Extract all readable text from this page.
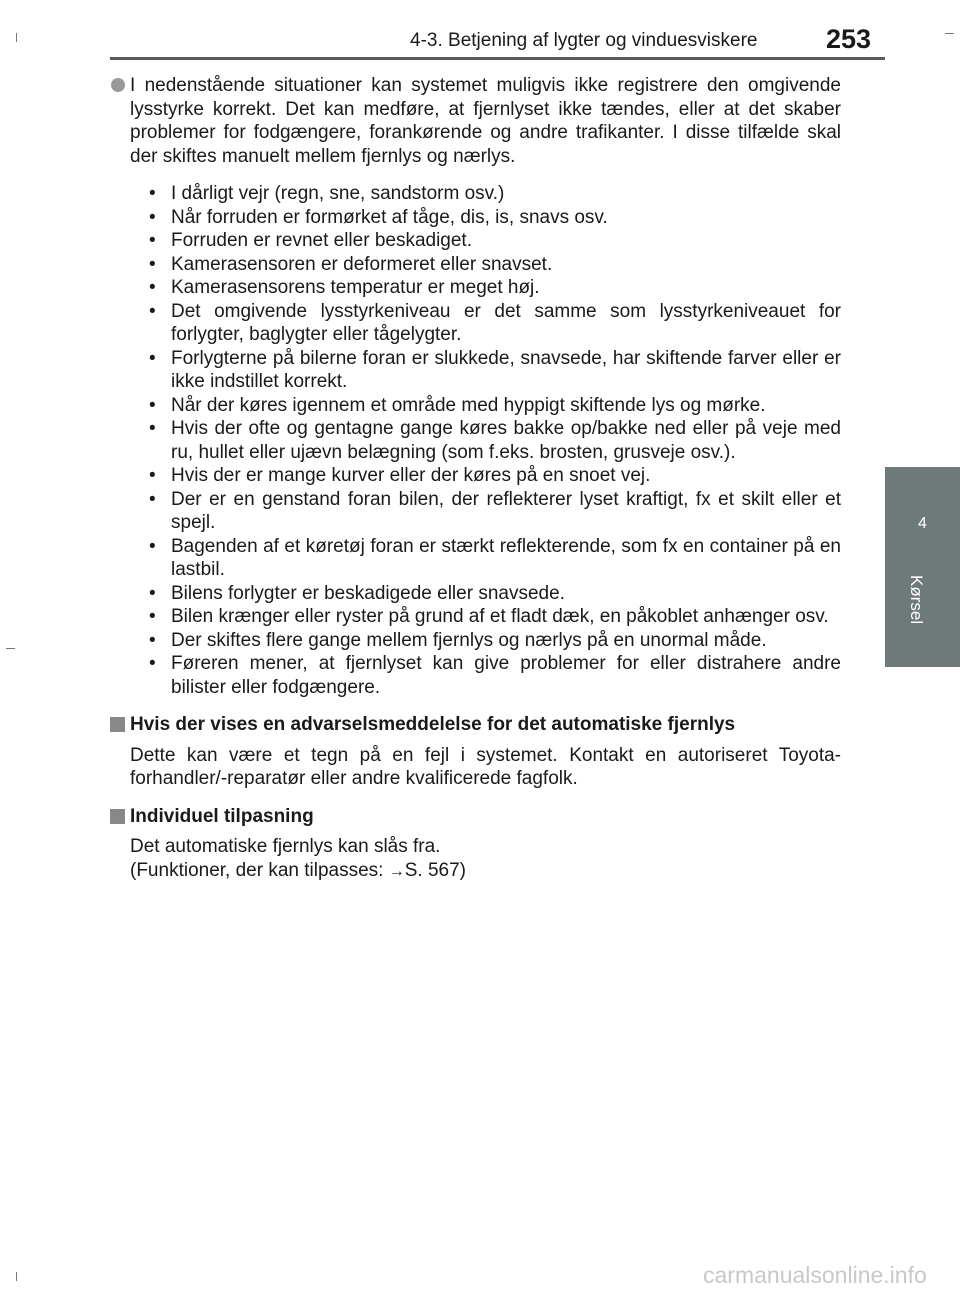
4-3. Betjening af lygter og vinduesviskere	253
4
Kørsel

I nedenstående situationer kan systemet muligvis ikke registrere den omgivende lysstyrke korrekt. Det kan medføre, at fjernlyset ikke tændes, eller at det skaber problemer for fodgængere, forankørende og andre trafikanter. I disse tilfælde skal der skiftes manuelt mellem fjernlys og nærlys.

• I dårligt vejr (regn, sne, sandstorm osv.)
• Når forruden er formørket af tåge, dis, is, snavs osv.
• Forruden er revnet eller beskadiget.
• Kamerasensoren er deformeret eller snavset.
• Kamerasensorens temperatur er meget høj.
• Det omgivende lysstyrkeniveau er det samme som lysstyrkeniveauet for forlygter, baglygter eller tågelygter.
• Forlygterne på bilerne foran er slukkede, snavsede, har skiftende farver eller er ikke indstillet korrekt.
• Når der køres igennem et område med hyppigt skiftende lys og mørke.
• Hvis der ofte og gentagne gange køres bakke op/bakke ned eller på veje med ru, hullet eller ujævn belægning (som f.eks. brosten, grusveje osv.).
• Hvis der er mange kurver eller der køres på en snoet vej.
• Der er en genstand foran bilen, der reflekterer lyset kraftigt, fx et skilt eller et spejl.
• Bagenden af et køretøj foran er stærkt reflekterende, som fx en container på en lastbil.
• Bilens forlygter er beskadigede eller snavsede.
• Bilen krænger eller ryster på grund af et fladt dæk, en påkoblet anhænger osv.
• Der skiftes flere gange mellem fjernlys og nærlys på en unormal måde.
• Føreren mener, at fjernlyset kan give problemer for eller distrahere andre bilister eller fodgængere.

Hvis der vises en advarselsmeddelelse for det automatiske fjernlys

Dette kan være et tegn på en fejl i systemet. Kontakt en autoriseret Toyota-forhandler/-reparatør eller andre kvalificerede fagfolk.

Individuel tilpasning

Det automatiske fjernlys kan slås fra.
(Funktioner, der kan tilpasses: →S. 567)

carmanualsonline.info
